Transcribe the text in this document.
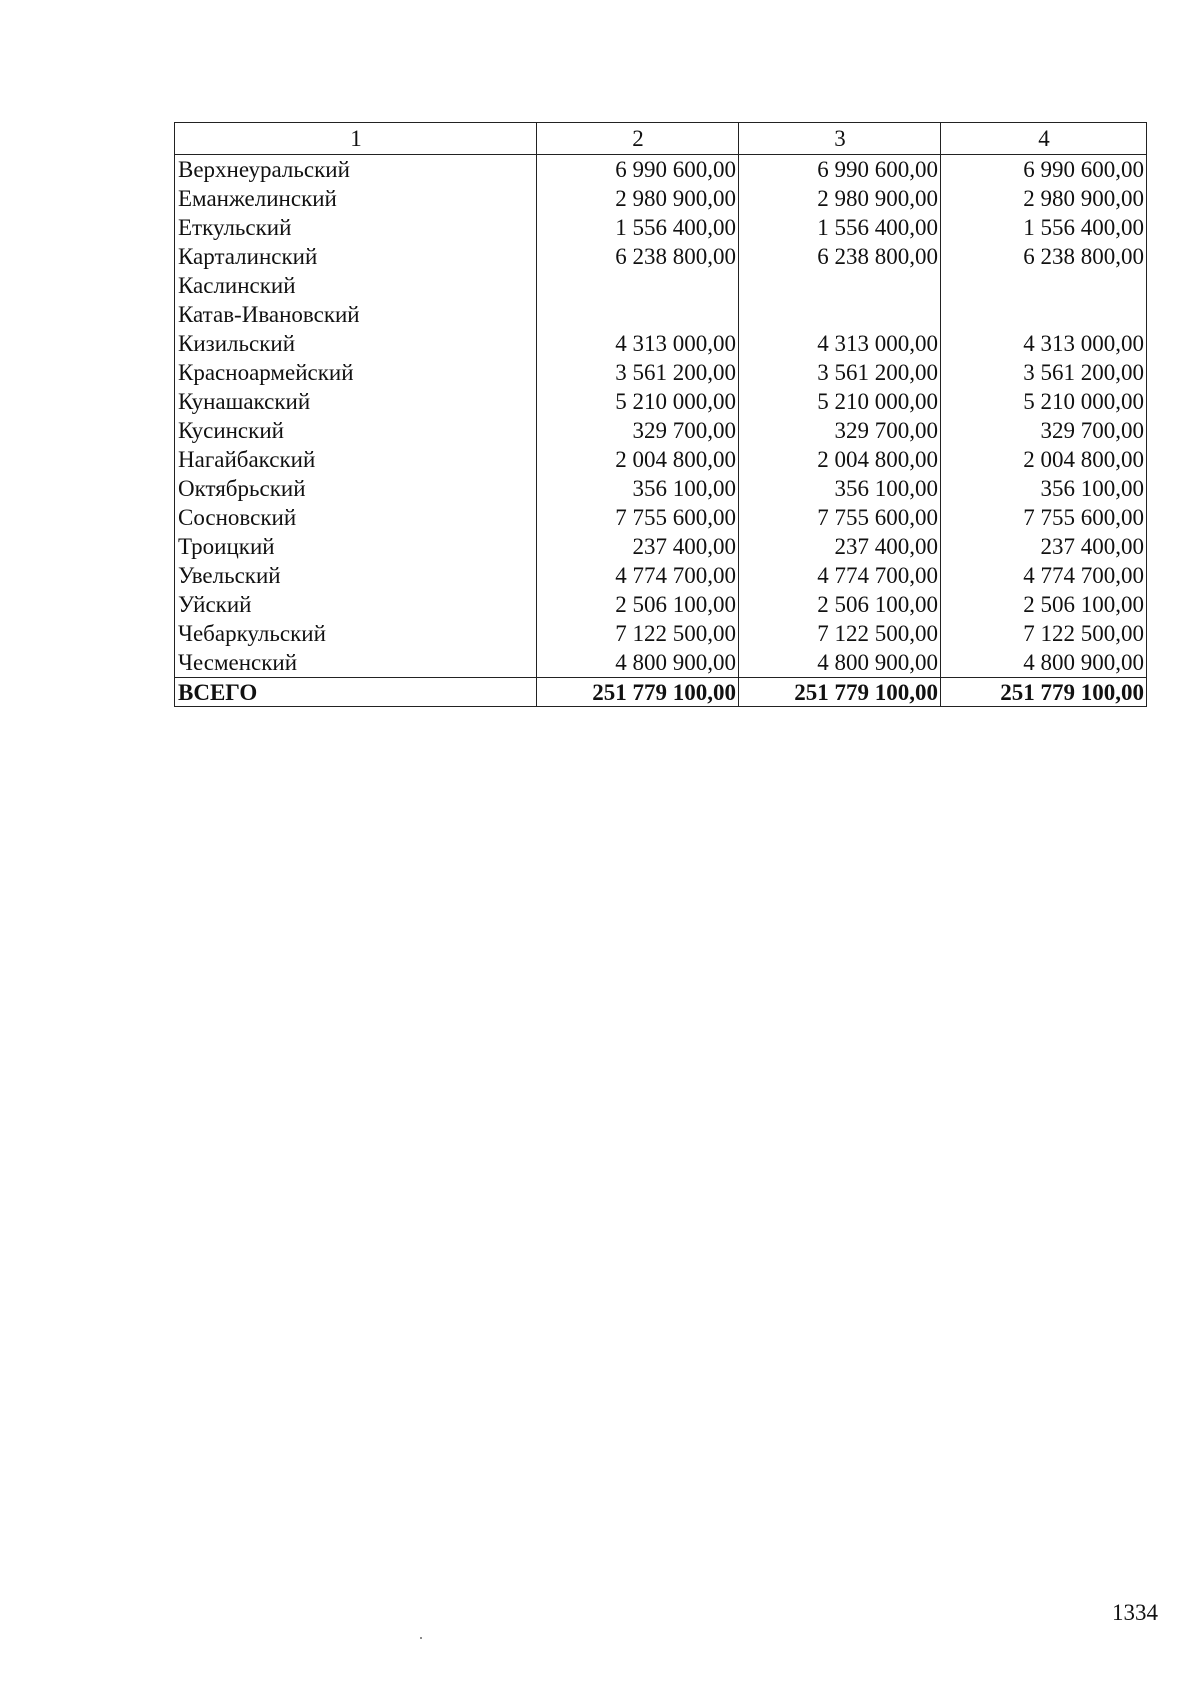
1	2	3	4
Верхнеуральский	6 990 600,00	6 990 600,00	6 990 600,00
Еманжелинский	2 980 900,00	2 980 900,00	2 980 900,00
Еткульский	1 556 400,00	1 556 400,00	1 556 400,00
Карталинский	6 238 800,00	6 238 800,00	6 238 800,00
Каслинский			
Катав-Ивановский			
Кизильский	4 313 000,00	4 313 000,00	4 313 000,00
Красноармейский	3 561 200,00	3 561 200,00	3 561 200,00
Кунашакский	5 210 000,00	5 210 000,00	5 210 000,00
Кусинский	329 700,00	329 700,00	329 700,00
Нагайбакский	2 004 800,00	2 004 800,00	2 004 800,00
Октябрьский	356 100,00	356 100,00	356 100,00
Сосновский	7 755 600,00	7 755 600,00	7 755 600,00
Троицкий	237 400,00	237 400,00	237 400,00
Увельский	4 774 700,00	4 774 700,00	4 774 700,00
Уйский	2 506 100,00	2 506 100,00	2 506 100,00
Чебаркульский	7 122 500,00	7 122 500,00	7 122 500,00
Чесменский	4 800 900,00	4 800 900,00	4 800 900,00
ВСЕГО	251 779 100,00	251 779 100,00	251 779 100,00
1334
